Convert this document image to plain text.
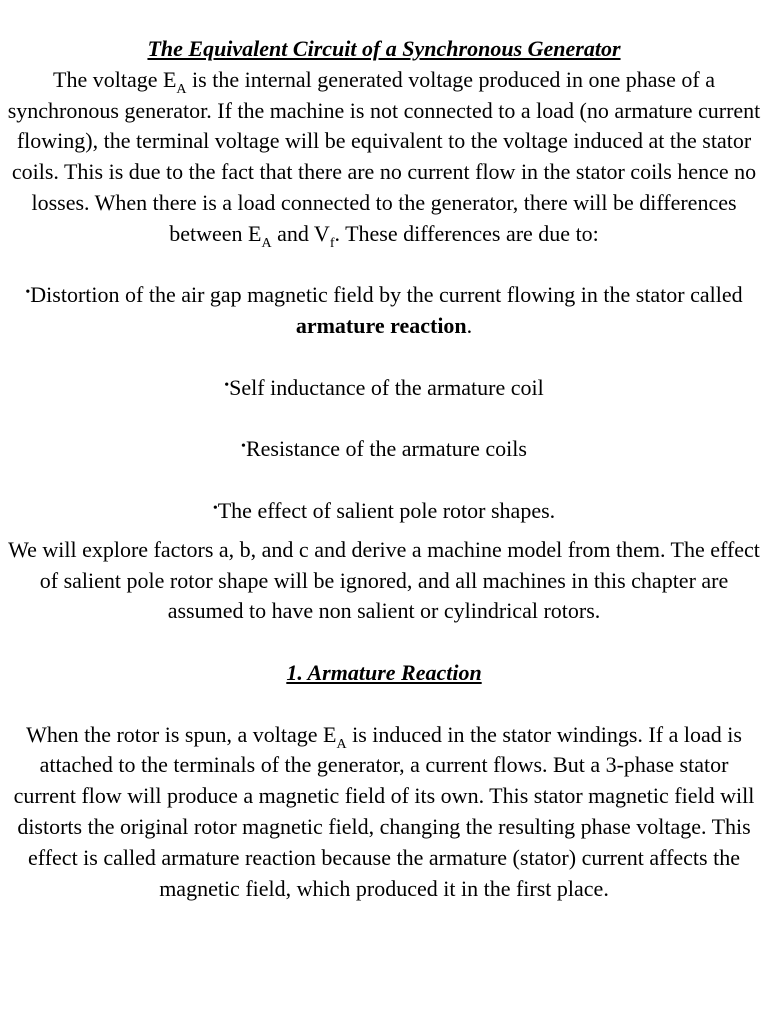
The Equivalent Circuit of a Synchronous Generator

The voltage $E_A$ is the internal generated voltage produced in one phase of a synchronous generator. If the machine is not connected to a load (no armature current flowing), the terminal voltage will be equivalent to the voltage induced at the stator coils. This is due to the fact that there are no current flow in the stator coils hence no losses. When there is a load connected to the generator, there will be differences between $E_A$ and $V_f$. These differences are due to:

•Distortion of the air gap magnetic field by the current flowing in the stator called armature reaction.

•Self inductance of the armature coil

•Resistance of the armature coils

•The effect of salient pole rotor shapes.

We will explore factors a, b, and c and derive a machine model from them. The effect of salient pole rotor shape will be ignored, and all machines in this chapter are assumed to have non salient or cylindrical rotors.

1. Armature Reaction

When the rotor is spun, a voltage $E_A$ is induced in the stator windings. If a load is attached to the terminals of the generator, a current flows. But a 3-phase stator current flow will produce a magnetic field of its own. This stator magnetic field will distorts the original rotor magnetic field, changing the resulting phase voltage. This effect is called armature reaction because the armature (stator) current affects the magnetic field, which produced it in the first place.
